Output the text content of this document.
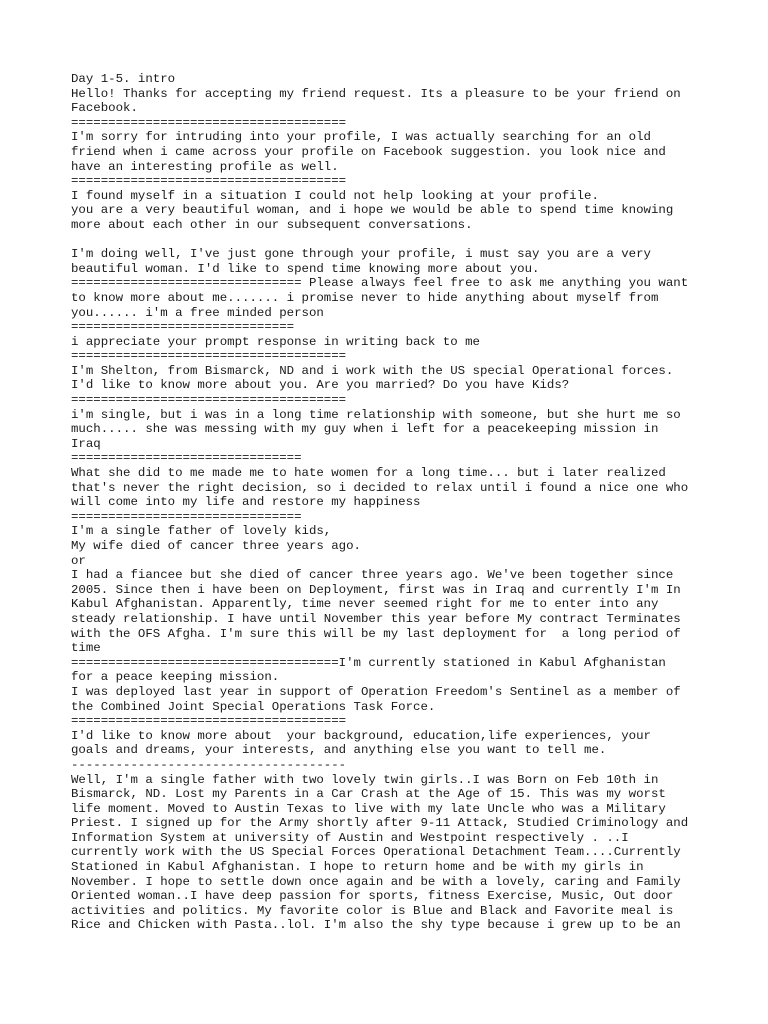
Day 1-5. intro
Hello! Thanks for accepting my friend request. Its a pleasure to be your friend on
Facebook.
=====================================
I'm sorry for intruding into your profile, I was actually searching for an old
friend when i came across your profile on Facebook suggestion. you look nice and
have an interesting profile as well.
=====================================
I found myself in a situation I could not help looking at your profile.
you are a very beautiful woman, and i hope we would be able to spend time knowing
more about each other in our subsequent conversations.
I'm doing well, I've just gone through your profile, i must say you are a very
beautiful woman. I'd like to spend time knowing more about you.
=============================== Please always feel free to ask me anything you want
to know more about me....... i promise never to hide anything about myself from
you...... i'm a free minded person
==============================
i appreciate your prompt response in writing back to me
=====================================
I'm Shelton, from Bismarck, ND and i work with the US special Operational forces.
I'd like to know more about you. Are you married? Do you have Kids?
=====================================
i'm single, but i was in a long time relationship with someone, but she hurt me so
much..... she was messing with my guy when i left for a peacekeeping mission in
Iraq
===============================
What she did to me made me to hate women for a long time... but i later realized
that's never the right decision, so i decided to relax until i found a nice one who
will come into my life and restore my happiness
===============================
I'm a single father of lovely kids,
My wife died of cancer three years ago.
or
I had a fiancee but she died of cancer three years ago. We've been together since
2005. Since then i have been on Deployment, first was in Iraq and currently I'm In
Kabul Afghanistan. Apparently, time never seemed right for me to enter into any
steady relationship. I have until November this year before My contract Terminates
with the OFS Afgha. I'm sure this will be my last deployment for  a long period of
time
====================================I'm currently stationed in Kabul Afghanistan
for a peace keeping mission.
I was deployed last year in support of Operation Freedom's Sentinel as a member of
the Combined Joint Special Operations Task Force.
=====================================
I'd like to know more about  your background, education,life experiences, your
goals and dreams, your interests, and anything else you want to tell me.
-------------------------------------
Well, I'm a single father with two lovely twin girls..I was Born on Feb 10th in
Bismarck, ND. Lost my Parents in a Car Crash at the Age of 15. This was my worst
life moment. Moved to Austin Texas to live with my late Uncle who was a Military
Priest. I signed up for the Army shortly after 9-11 Attack, Studied Criminology and
Information System at university of Austin and Westpoint respectively . ..I
currently work with the US Special Forces Operational Detachment Team....Currently
Stationed in Kabul Afghanistan. I hope to return home and be with my girls in
November. I hope to settle down once again and be with a lovely, caring and Family
Oriented woman..I have deep passion for sports, fitness Exercise, Music, Out door
activities and politics. My favorite color is Blue and Black and Favorite meal is
Rice and Chicken with Pasta..lol. I'm also the shy type because i grew up to be an
